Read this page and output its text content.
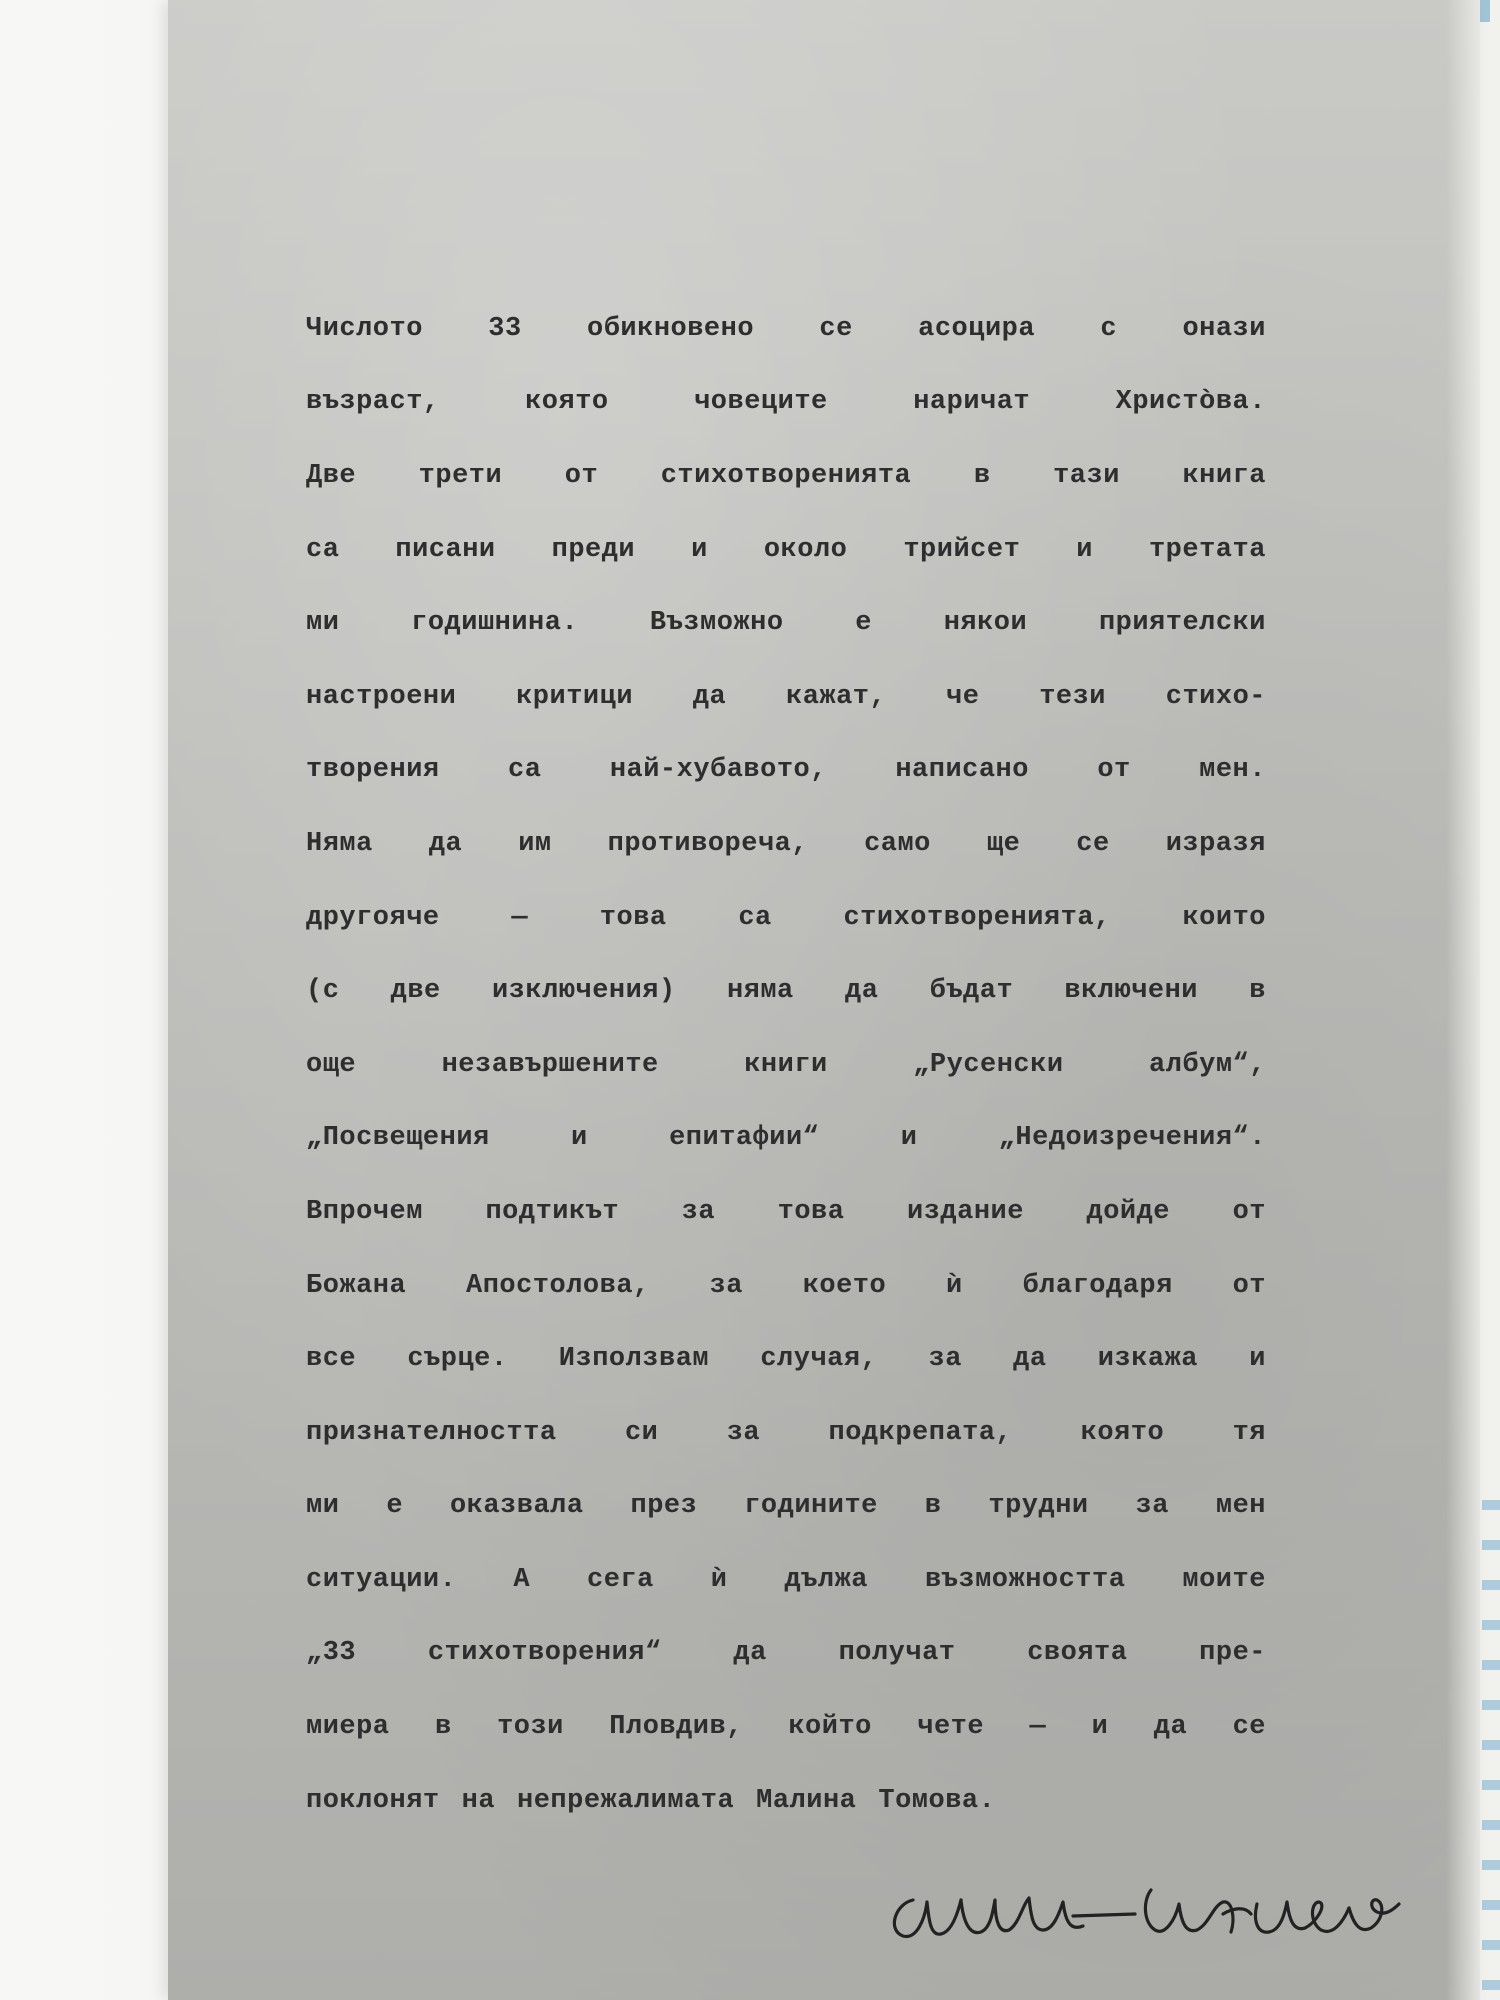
Числото 33 обикновено се асоцира с онази
възраст,	която	човеците	наричат	Христòва.
Две трети от стихотворенията в тази книга
са писани преди и около трийсет и третата
ми	годишнина.	Възможно	е	някои	приятелски
настроени критици да кажат, че тези стихо-
творения	са	най-хубавото,	написано	от	мен.
Няма да им противореча, само ще се изразя
другояче	—	това	са	стихотворенията,	които
(с две изключения) няма да бъдат включени в
още	незавършените	книги	„Русенски	албум“,
„Посвещения	и	епитафии“	и	„Недоизречения“.
Впрочем подтикът за това издание дойде от
Божана Апостолова, за което ѝ благодаря от
все сърце. Използвам случая, за да изкажа и
признателността	си	за	подкрепата,	която	тя
ми е оказвала през годините в трудни за мен
ситуации. А сега ѝ дължа възможността моите
„33	стихотворения“	да	получат	своята	пре-
миера в този Пловдив, който чете — и да се
поклонят на непрежалимата Малина Томова.
